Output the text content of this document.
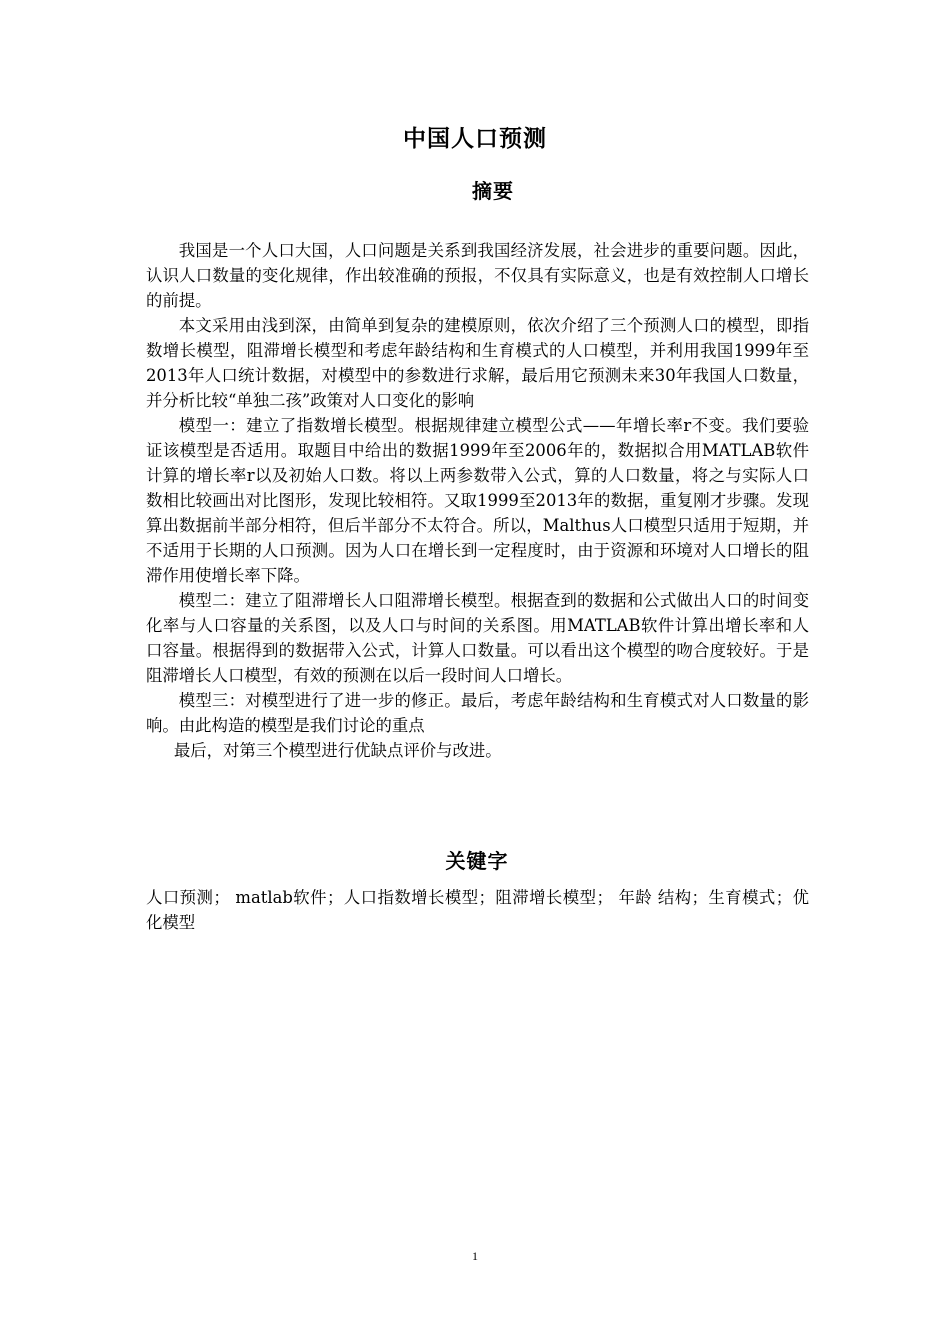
中国人口预测
摘要

我国是一个人口大国，人口问题是关系到我国经济发展，社会进步的重要问题。因此，认识人口数量的变化规律，作出较准确的预报，不仅具有实际意义，也是有效控制人口增长的前提。

本文采用由浅到深，由简单到复杂的建模原则，依次介绍了三个预测人口的模型，即指数增长模型，阻滞增长模型和考虑年龄结构和生育模式的人口模型，并利用我国1999年至2013年人口统计数据，对模型中的参数进行求解，最后用它预测未来30年我国人口数量，并分析比较“单独二孩”政策对人口变化的影响

模型一：建立了指数增长模型。根据规律建立模型公式——年增长率r不变。我们要验证该模型是否适用。取题目中给出的数据1999年至2006年的，数据拟合用MATLAB软件计算的增长率r以及初始人口数。将以上两参数带入公式，算的人口数量，将之与实际人口数相比较画出对比图形，发现比较相符。又取1999至2013年的数据，重复刚才步骤。发现算出数据前半部分相符，但后半部分不太符合。所以，Malthus人口模型只适用于短期，并不适用于长期的人口预测。因为人口在增长到一定程度时，由于资源和环境对人口增长的阻滞作用使增长率下降。

模型二：建立了阻滞增长人口阻滞增长模型。根据查到的数据和公式做出人口的时间变化率与人口容量的关系图，以及人口与时间的关系图。用MATLAB软件计算出增长率和人口容量。根据得到的数据带入公式，计算人口数量。可以看出这个模型的吻合度较好。于是阻滞增长人口模型，有效的预测在以后一段时间人口增长。

模型三：对模型进行了进一步的修正。最后，考虑年龄结构和生育模式对人口数量的影响。由此构造的模型是我们讨论的重点

最后，对第三个模型进行优缺点评价与改进。

关键字

人口预测； matlab软件；人口指数增长模型；阻滞增长模型； 年龄 结构；生育模式；优化模型

1
